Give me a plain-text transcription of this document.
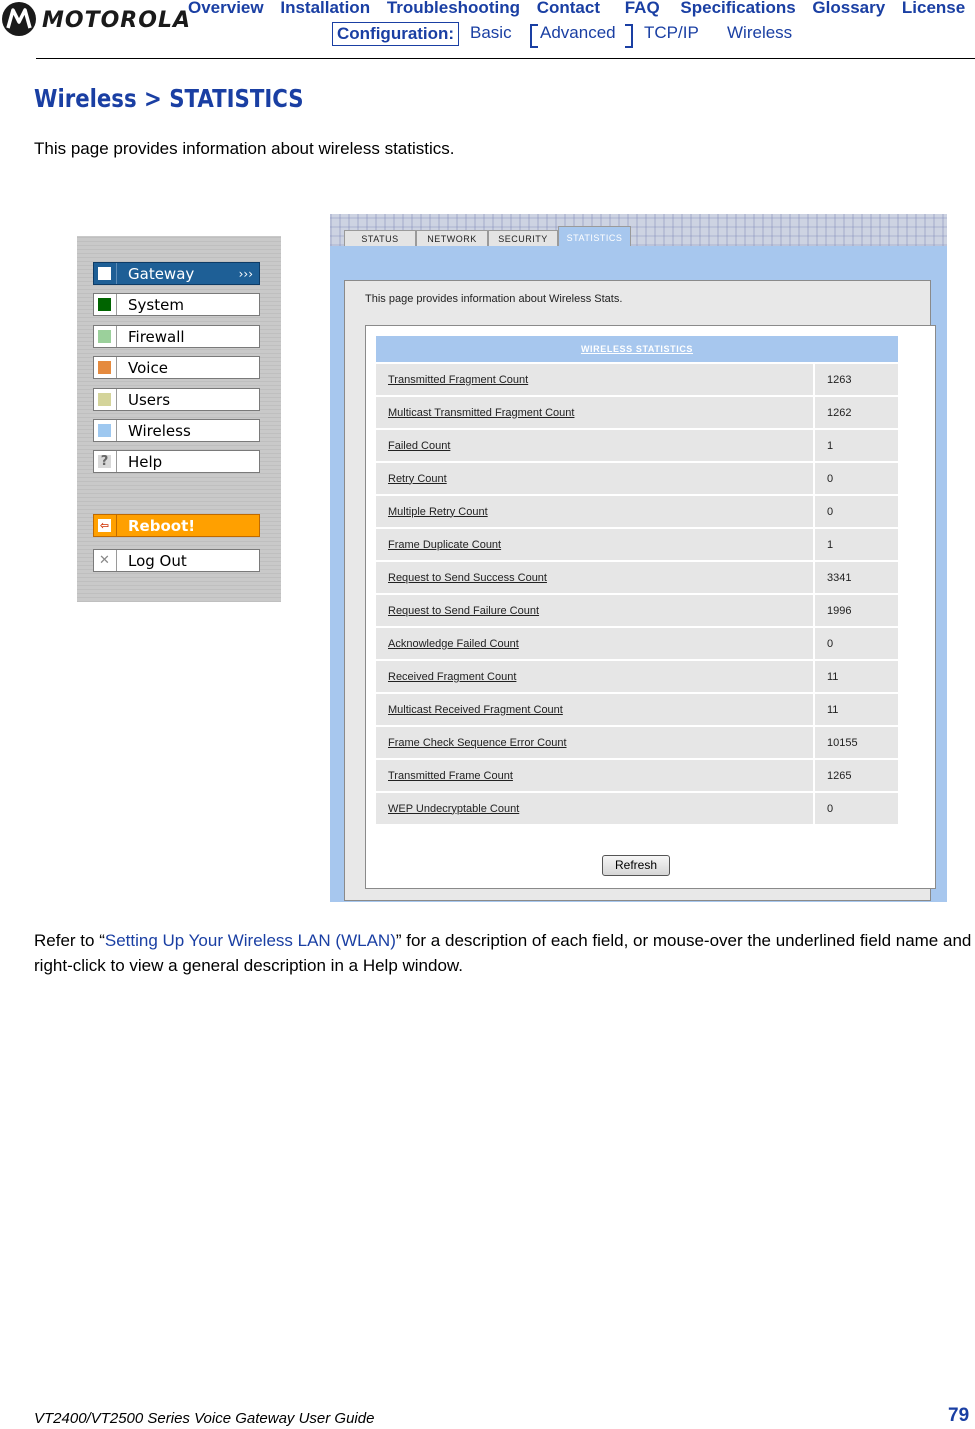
MOTOROLA
Overview Installation Troubleshooting Contact FAQ Specifications Glossary License
Configuration: Basic Advanced TCP/IP Wireless
Wireless > STATISTICS
This page provides information about wireless statistics.
Gateway	›››
System
Firewall
Voice
Users
Wireless
? Help
⇦ Reboot!
✕ Log Out
STATUS	NETWORK	SECURITY	STATISTICS
This page provides information about Wireless Stats.
WIRELESS STATISTICS	
Transmitted Fragment Count	1263
Multicast Transmitted Fragment Count	1262
Failed Count	1
Retry Count	0
Multiple Retry Count	0
Frame Duplicate Count	1
Request to Send Success Count	3341
Request to Send Failure Count	1996
Acknowledge Failed Count	0
Received Fragment Count	11
Multicast Received Fragment Count	11
Frame Check Sequence Error Count	10155
Transmitted Frame Count	1265
WEP Undecryptable Count	0
Refresh
Refer to “Setting Up Your Wireless LAN (WLAN)” for a description of each field, or mouse-over the underlined field name and right-click to view a general description in a Help window.
VT2400/VT2500 Series Voice Gateway User Guide	79
